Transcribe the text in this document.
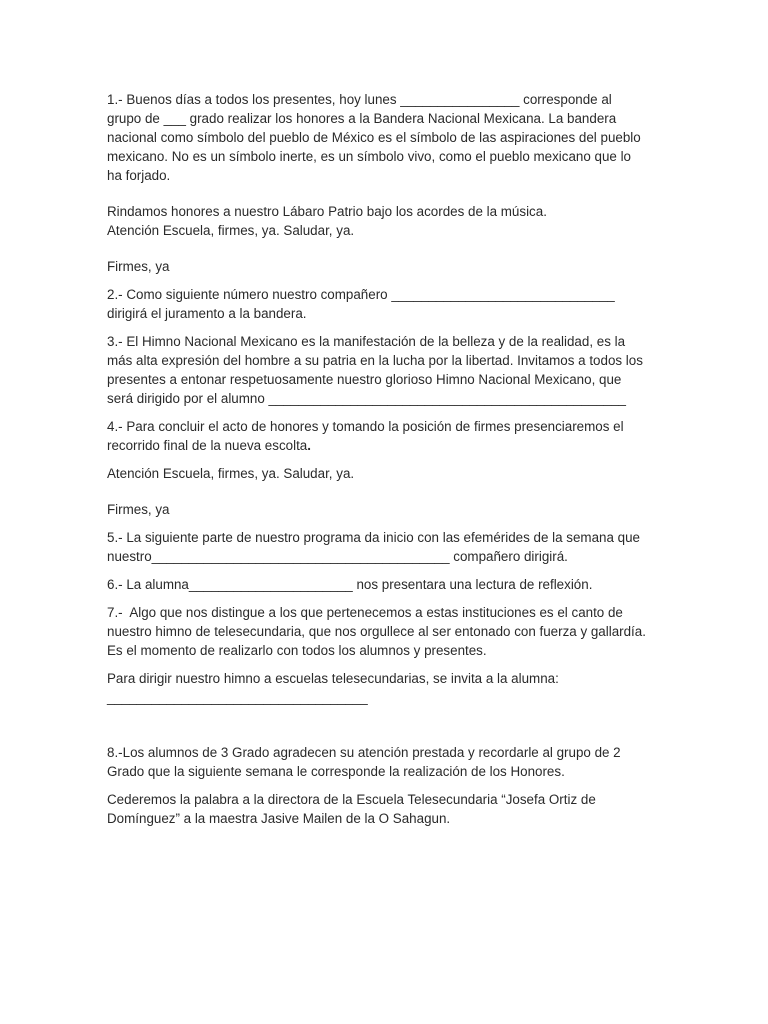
1.- Buenos días a todos los presentes, hoy lunes ________________ corresponde al grupo de ___ grado realizar los honores a la Bandera Nacional Mexicana. La bandera nacional como símbolo del pueblo de México es el símbolo de las aspiraciones del pueblo mexicano. No es un símbolo inerte, es un símbolo vivo, como el pueblo mexicano que lo ha forjado.

Rindamos honores a nuestro Lábaro Patrio bajo los acordes de la música.

Atención Escuela, firmes, ya. Saludar, ya.

Firmes, ya

2.- Como siguiente número nuestro compañero ______________________________ dirigirá el juramento a la bandera.

3.- El Himno Nacional Mexicano es la manifestación de la belleza y de la realidad, es la más alta expresión del hombre a su patria en la lucha por la libertad. Invitamos a todos los presentes a entonar respetuosamente nuestro glorioso Himno Nacional Mexicano, que será dirigido por el alumno ________________________________________________

4.- Para concluir el acto de honores y tomando la posición de firmes presenciaremos el recorrido final de la nueva escolta.

Atención Escuela, firmes, ya. Saludar, ya.

Firmes, ya

5.- La siguiente parte de nuestro programa da inicio con las efemérides de la semana que nuestro________________________________________ compañero dirigirá.

6.- La alumna______________________ nos presentara una lectura de reflexión.

7.-  Algo que nos distingue a los que pertenecemos a estas instituciones es el canto de nuestro himno de telesecundaria, que nos orgullece al ser entonado con fuerza y gallardía. Es el momento de realizarlo con todos los alumnos y presentes.

Para dirigir nuestro himno a escuelas telesecundarias, se invita a la alumna:

___________________________________

8.-Los alumnos de 3 Grado agradecen su atención prestada y recordarle al grupo de 2 Grado que la siguiente semana le corresponde la realización de los Honores.

Cederemos la palabra a la directora de la Escuela Telesecundaria “Josefa Ortiz de Domínguez” a la maestra Jasive Mailen de la O Sahagun.
